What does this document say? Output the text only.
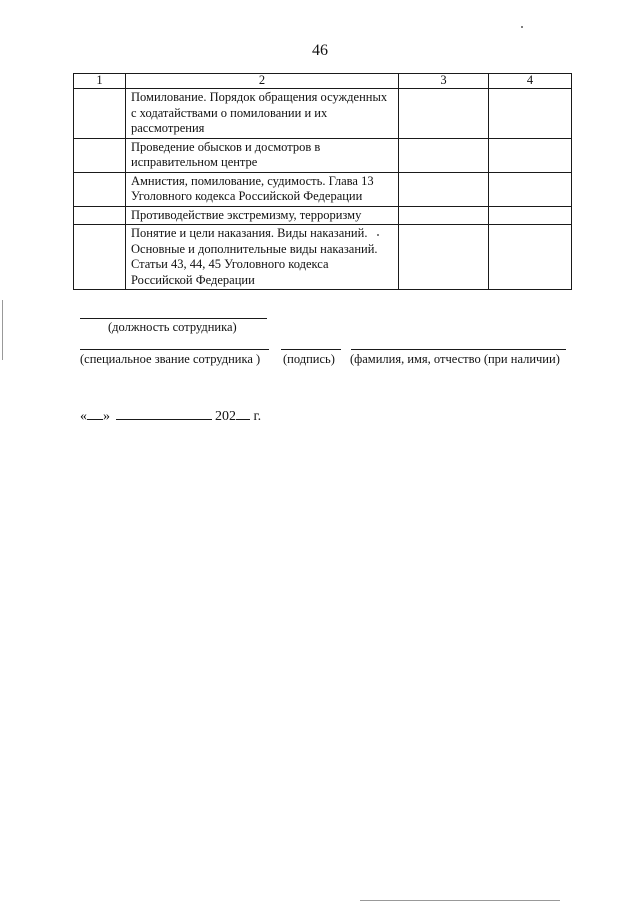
46
1	2	3	4
	Помилование. Порядок обращения осужденных с ходатайствами о помиловании и их рассмотрения		
	Проведение обысков и досмотров в исправительном центре		
	Амнистия, помилование, судимость. Глава 13 Уголовного кодекса Российской Федерации		
	Противодействие экстремизму, терроризму		
	Понятие и цели наказания. Виды наказаний. Основные и дополнительные виды наказаний. Статьи 43, 44, 45 Уголовного кодекса Российской Федерации		
(должность сотрудника)
(специальное звание сотрудника ) (подпись) (фамилия, имя, отчество (при наличии)
« »	202 г.
